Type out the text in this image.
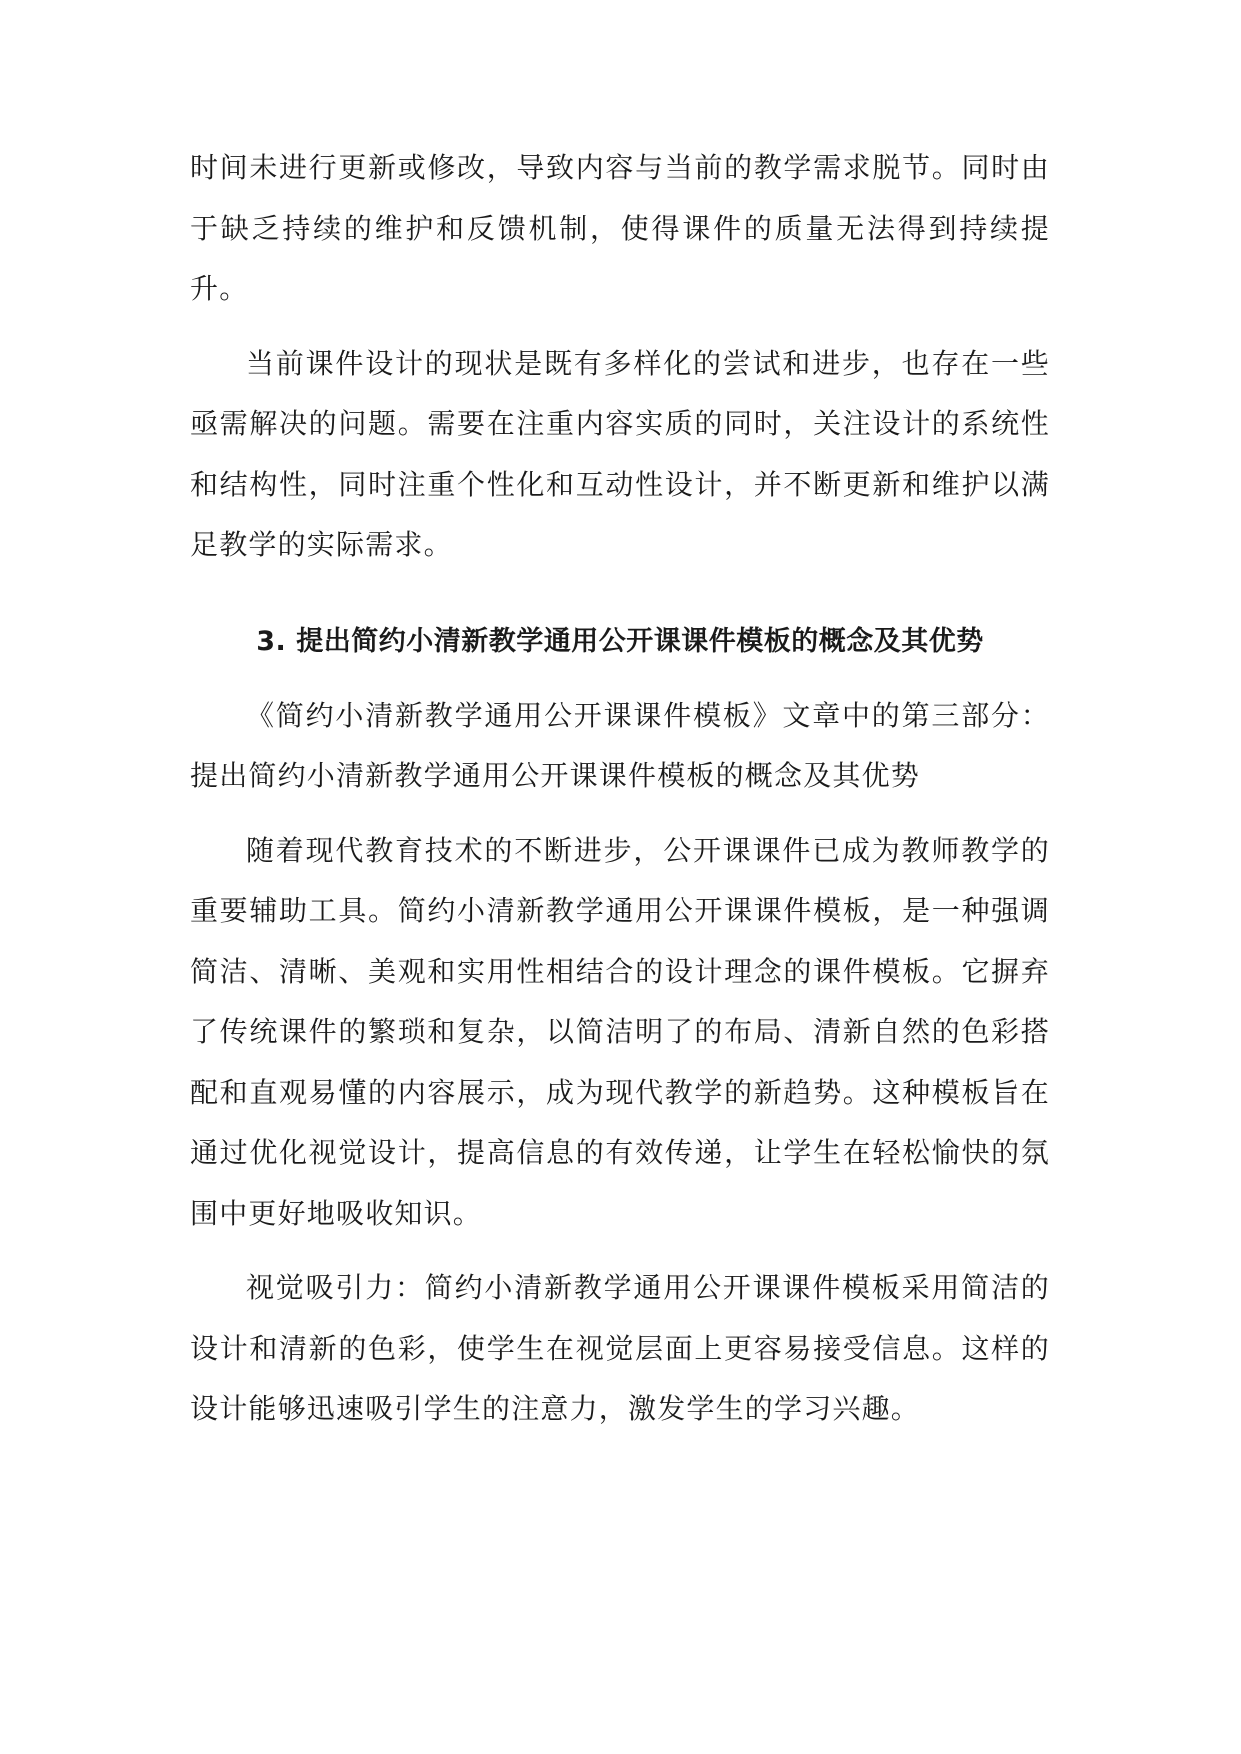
时间未进行更新或修改，导致内容与当前的教学需求脱节。同时由于缺乏持续的维护和反馈机制，使得课件的质量无法得到持续提升。

当前课件设计的现状是既有多样化的尝试和进步，也存在一些亟需解决的问题。需要在注重内容实质的同时，关注设计的系统性和结构性，同时注重个性化和互动性设计，并不断更新和维护以满足教学的实际需求。

3. 提出简约小清新教学通用公开课课件模板的概念及其优势

《简约小清新教学通用公开课课件模板》文章中的第三部分：提出简约小清新教学通用公开课课件模板的概念及其优势

随着现代教育技术的不断进步，公开课课件已成为教师教学的重要辅助工具。简约小清新教学通用公开课课件模板，是一种强调简洁、清晰、美观和实用性相结合的设计理念的课件模板。它摒弃了传统课件的繁琐和复杂，以简洁明了的布局、清新自然的色彩搭配和直观易懂的内容展示，成为现代教学的新趋势。这种模板旨在通过优化视觉设计，提高信息的有效传递，让学生在轻松愉快的氛围中更好地吸收知识。

视觉吸引力：简约小清新教学通用公开课课件模板采用简洁的设计和清新的色彩，使学生在视觉层面上更容易接受信息。这样的设计能够迅速吸引学生的注意力，激发学生的学习兴趣。
